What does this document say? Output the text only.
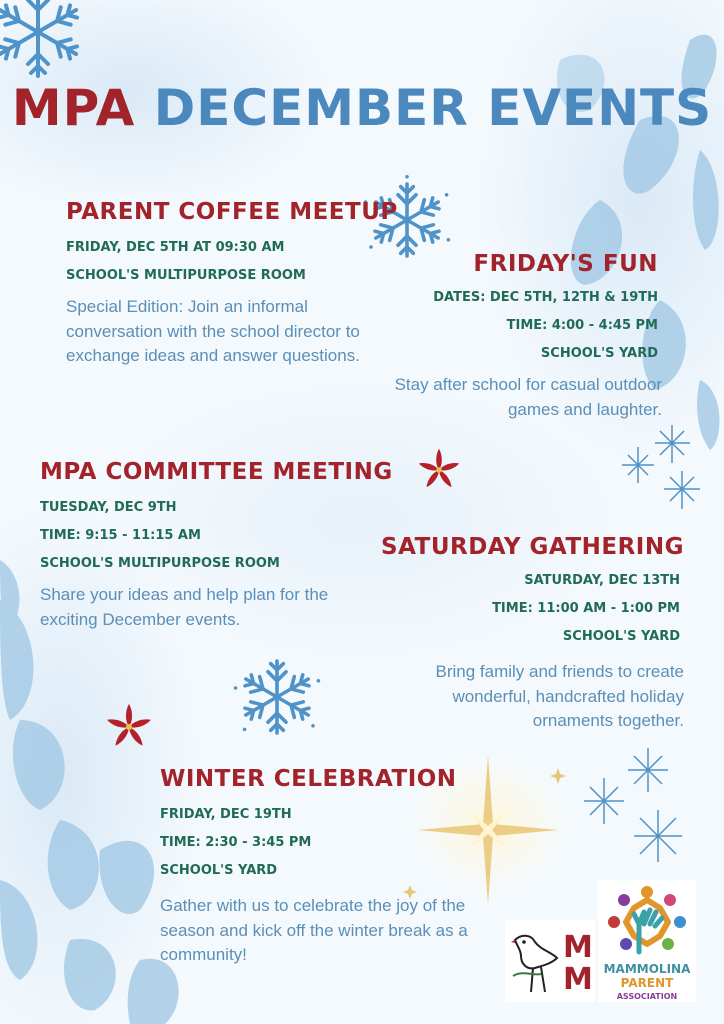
MPA DECEMBER EVENTS
PARENT COFFEE MEETUP
FRIDAY, DEC 5TH AT 09:30 AM
SCHOOL'S MULTIPURPOSE ROOM
Special Edition: Join an informal conversation with the school director to exchange ideas and answer questions.
FRIDAY'S FUN
DATES: DEC 5TH, 12TH & 19TH
TIME: 4:00 - 4:45 PM
SCHOOL'S YARD
Stay after school for casual outdoor games and laughter.
MPA COMMITTEE MEETING
TUESDAY, DEC 9TH
TIME: 9:15 - 11:15 AM
SCHOOL'S MULTIPURPOSE ROOM
Share your ideas and help plan for the exciting December events.
SATURDAY GATHERING
SATURDAY, DEC 13TH
TIME: 11:00 AM - 1:00 PM
SCHOOL'S YARD
Bring family and friends to create wonderful, handcrafted holiday ornaments together.
WINTER CELEBRATION
FRIDAY, DEC 19TH
TIME: 2:30 - 3:45 PM
SCHOOL'S YARD
Gather with us to celebrate the joy of the season and kick off the winter break as a community!	M
M MAMMOLINA
PARENT
ASSOCIATION
